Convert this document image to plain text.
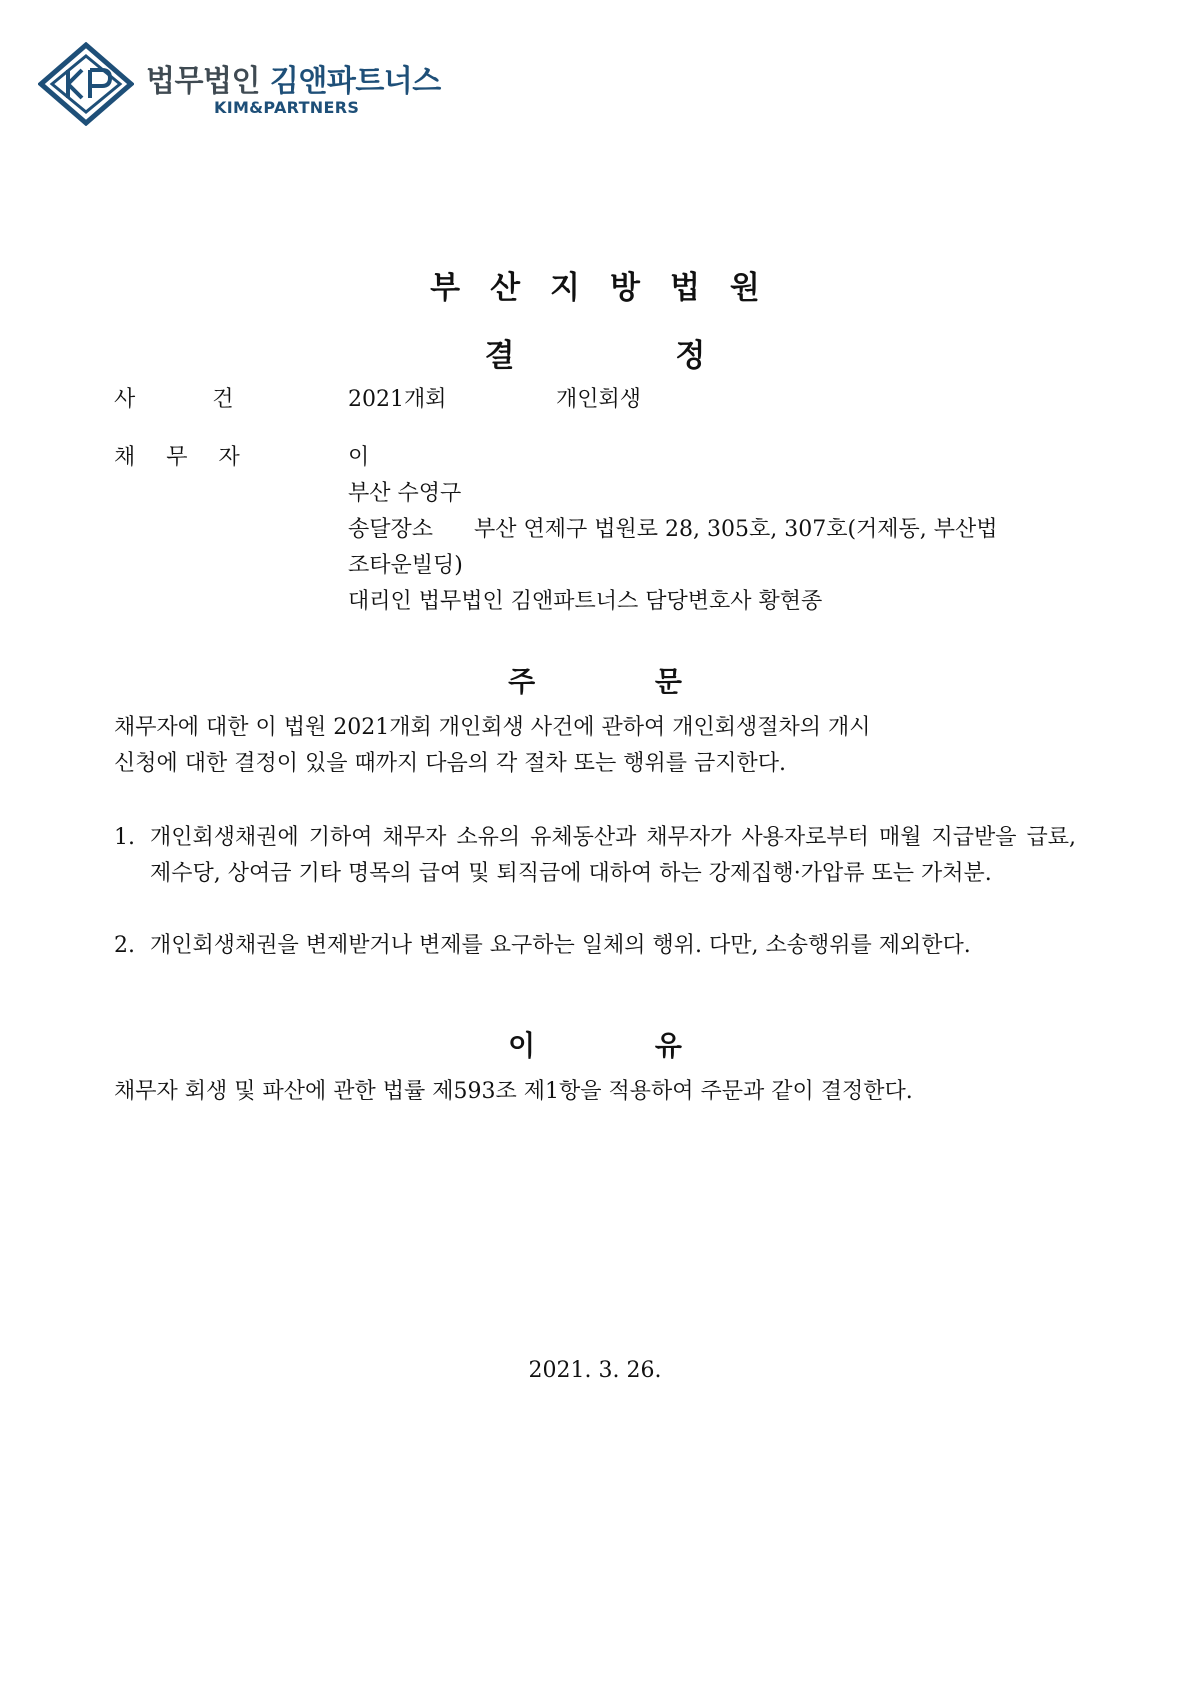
법무법인 김앤파트너스
KIM&PARTNERS
부산지방법원
결 정
사 건	2021개회	개인회생
채 무 자	이
부산 수영구
송달장소 부산 연제구 법원로 28, 305호, 307호(거제동, 부산법
조타운빌딩)
대리인 법무법인 김앤파트너스 담당변호사 황현종
주 문
채무자에 대한 이 법원 2021개회 개인회생 사건에 관하여 개인회생절차의 개시
신청에 대한 결정이 있을 때까지 다음의 각 절차 또는 행위를 금지한다.
1. 개인회생채권에 기하여 채무자 소유의 유체동산과 채무자가 사용자로부터 매월 지급받을 급료, 제수당, 상여금 기타 명목의 급여 및 퇴직금에 대하여 하는 강제집행·가압류 또는 가처분.
2. 개인회생채권을 변제받거나 변제를 요구하는 일체의 행위. 다만, 소송행위를 제외한다.
이 유
채무자 회생 및 파산에 관한 법률 제593조 제1항을 적용하여 주문과 같이 결정한다.
2021. 3. 26.
